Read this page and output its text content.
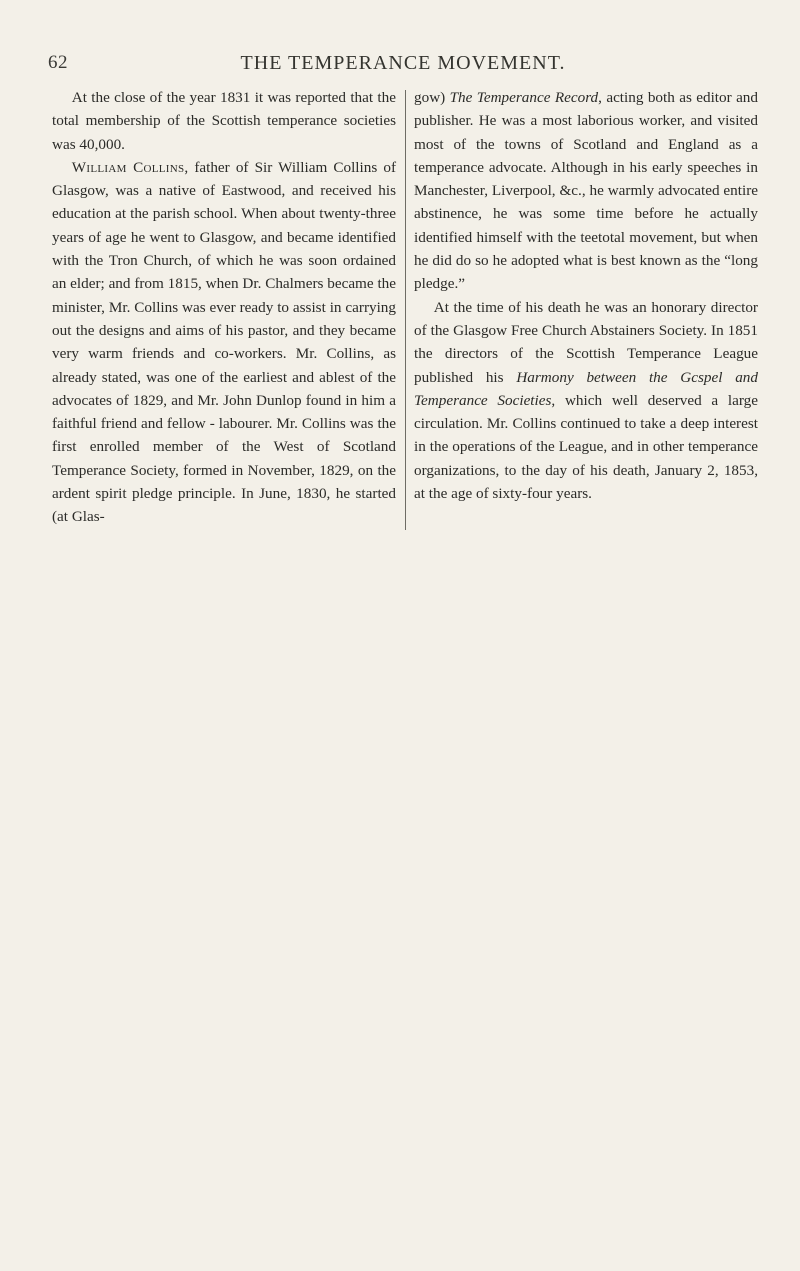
62	THE TEMPERANCE MOVEMENT.

At the close of the year 1831 it was reported that the total membership of the Scottish temperance societies was 40,000.

William Collins, father of Sir William Collins of Glasgow, was a native of Eastwood, and received his education at the parish school. When about twenty-three years of age he went to Glasgow, and became identified with the Tron Church, of which he was soon ordained an elder; and from 1815, when Dr. Chalmers became the minister, Mr. Collins was ever ready to assist in carrying out the designs and aims of his pastor, and they became very warm friends and co-workers. Mr. Collins, as already stated, was one of the earliest and ablest of the advocates of 1829, and Mr. John Dunlop found in him a faithful friend and fellow - labourer. Mr. Collins was the first enrolled member of the West of Scotland Temperance Society, formed in November, 1829, on the ardent spirit pledge principle. In June, 1830, he started (at Glas-

gow) The Temperance Record, acting both as editor and publisher. He was a most laborious worker, and visited most of the towns of Scotland and England as a temperance advocate. Although in his early speeches in Manchester, Liverpool, &c., he warmly advocated entire abstinence, he was some time before he actually identified himself with the teetotal movement, but when he did do so he adopted what is best known as the “long pledge.”

At the time of his death he was an honorary director of the Glasgow Free Church Abstainers Society. In 1851 the directors of the Scottish Temperance League published his Harmony between the Gcspel and Temperance Societies, which well deserved a large circulation. Mr. Collins continued to take a deep interest in the operations of the League, and in other temperance organizations, to the day of his death, January 2, 1853, at the age of sixty-four years.
